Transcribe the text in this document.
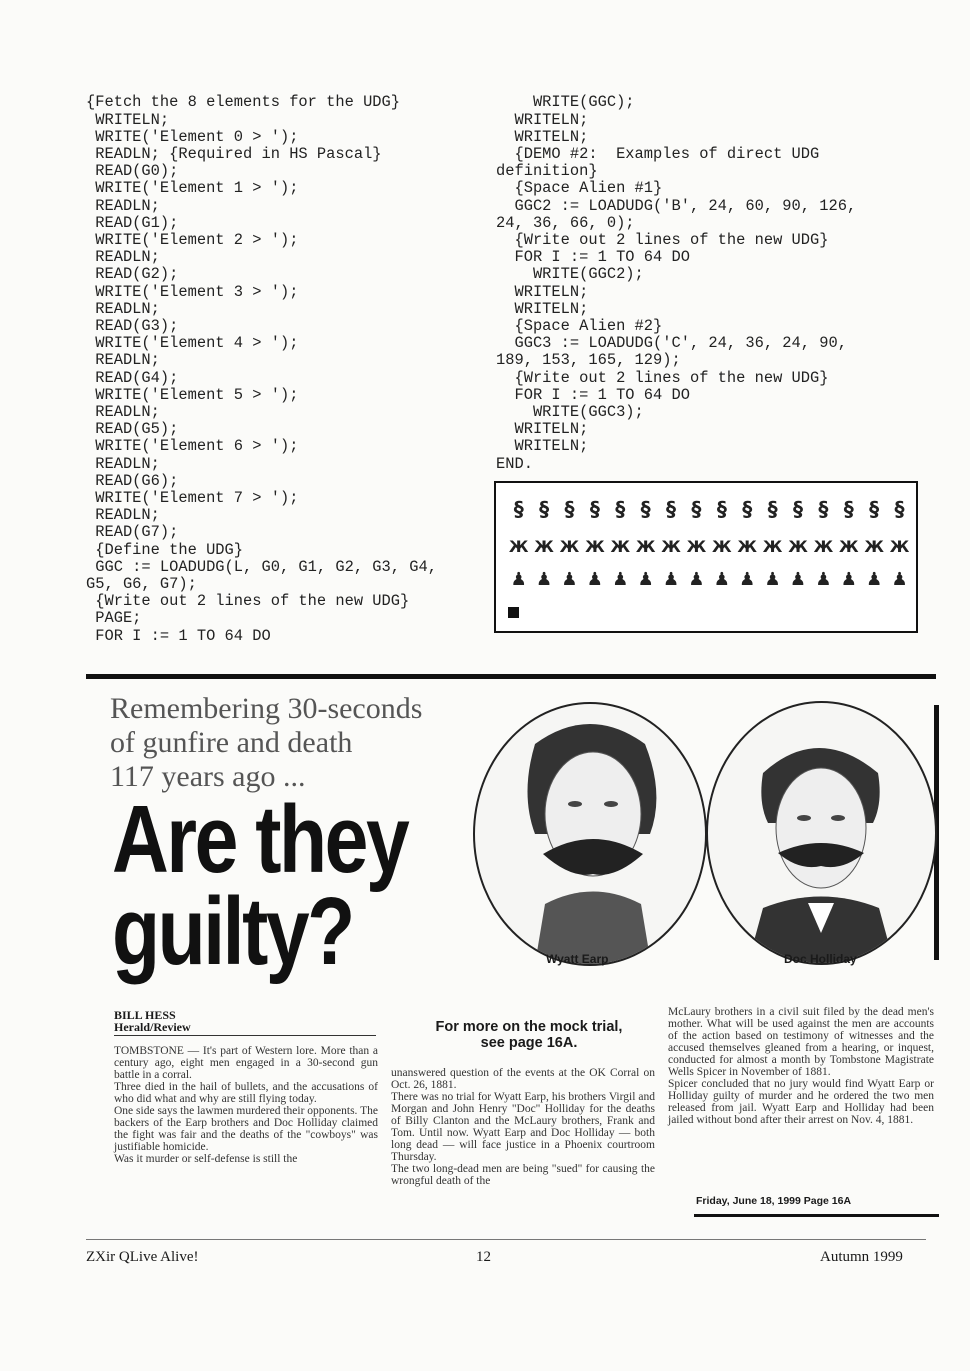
{Fetch the 8 elements for the UDG}
WRITELN;
WRITE('Element 0 > ');
READLN; {Required in HS Pascal}
READ(G0);
WRITE('Element 1 > ');
READLN;
READ(G1);
WRITE('Element 2 > ');
READLN;
READ(G2);
WRITE('Element 3 > ');
READLN;
READ(G3);
WRITE('Element 4 > ');
READLN;
READ(G4);
WRITE('Element 5 > ');
READLN;
READ(G5);
WRITE('Element 6 > ');
READLN;
READ(G6);
WRITE('Element 7 > ');
READLN;
READ(G7);
{Define the UDG}
GGC := LOADUDG(L, G0, G1, G2, G3, G4,
G5, G6, G7);
{Write out 2 lines of the new UDG}
PAGE;
FOR I := 1 TO 64 DO
WRITE(GGC);
WRITELN;
WRITELN;
{DEMO #2:  Examples of direct UDG
definition}
{Space Alien #1}
GGC2 := LOADUDG('B', 24, 60, 90, 126,
24, 36, 66, 0);
{Write out 2 lines of the new UDG}
FOR I := 1 TO 64 DO
WRITE(GGC2);
WRITELN;
WRITELN;
{Space Alien #2}
GGC3 := LOADUDG('C', 24, 36, 24, 90,
189, 153, 165, 129);
{Write out 2 lines of the new UDG}
FOR I := 1 TO 64 DO
WRITE(GGC3);
WRITELN;
WRITELN;
END.
§ § § § § § § § § § § § § § § §
Ж Ж Ж Ж Ж Ж Ж Ж Ж Ж Ж Ж Ж Ж Ж Ж
♟ ♟ ♟ ♟ ♟ ♟ ♟ ♟ ♟ ♟ ♟ ♟ ♟ ♟ ♟ ♟
Remembering 30-seconds
of gunfire and death
117 years ago ...
Are they
guilty?	Wyatt Earp	Doc Holliday
BILL HESS
Herald/Review	For more on the mock trial,
see page 16A.
TOMBSTONE — It's part of Western lore. More than a century ago, eight men engaged in a 30-second gun battle in a corral.
Three died in the hail of bullets, and the accusations of who did what and why are still flying today.
One side says the lawmen murdered their opponents. The backers of the Earp brothers and Doc Holliday claimed the fight was fair and the deaths of the "cowboys" was justifiable homicide.
Was it murder or self-defense is still the
unanswered question of the events at the OK Corral on Oct. 26, 1881.
There was no trial for Wyatt Earp, his brothers Virgil and Morgan and John Henry "Doc" Holliday for the deaths of Billy Clanton and the McLaury brothers, Frank and Tom. Until now. Wyatt Earp and Doc Holliday — both long dead — will face justice in a Phoenix courtroom Thursday.
The two long-dead men are being "sued" for causing the wrongful death of the
McLaury brothers in a civil suit filed by the dead men's mother. What will be used against the men are accounts of the action based on testimony of witnesses and the accused themselves gleaned from a hearing, or inquest, conducted for almost a month by Tombstone Magistrate Wells Spicer in November of 1881.
Spicer concluded that no jury would find Wyatt Earp or Holliday guilty of murder and he ordered the two men released from jail. Wyatt Earp and Holliday had been jailed without bond after their arrest on Nov. 4, 1881.
Friday, June 18, 1999 Page 16A
ZXir QLive Alive!	12	Autumn 1999
